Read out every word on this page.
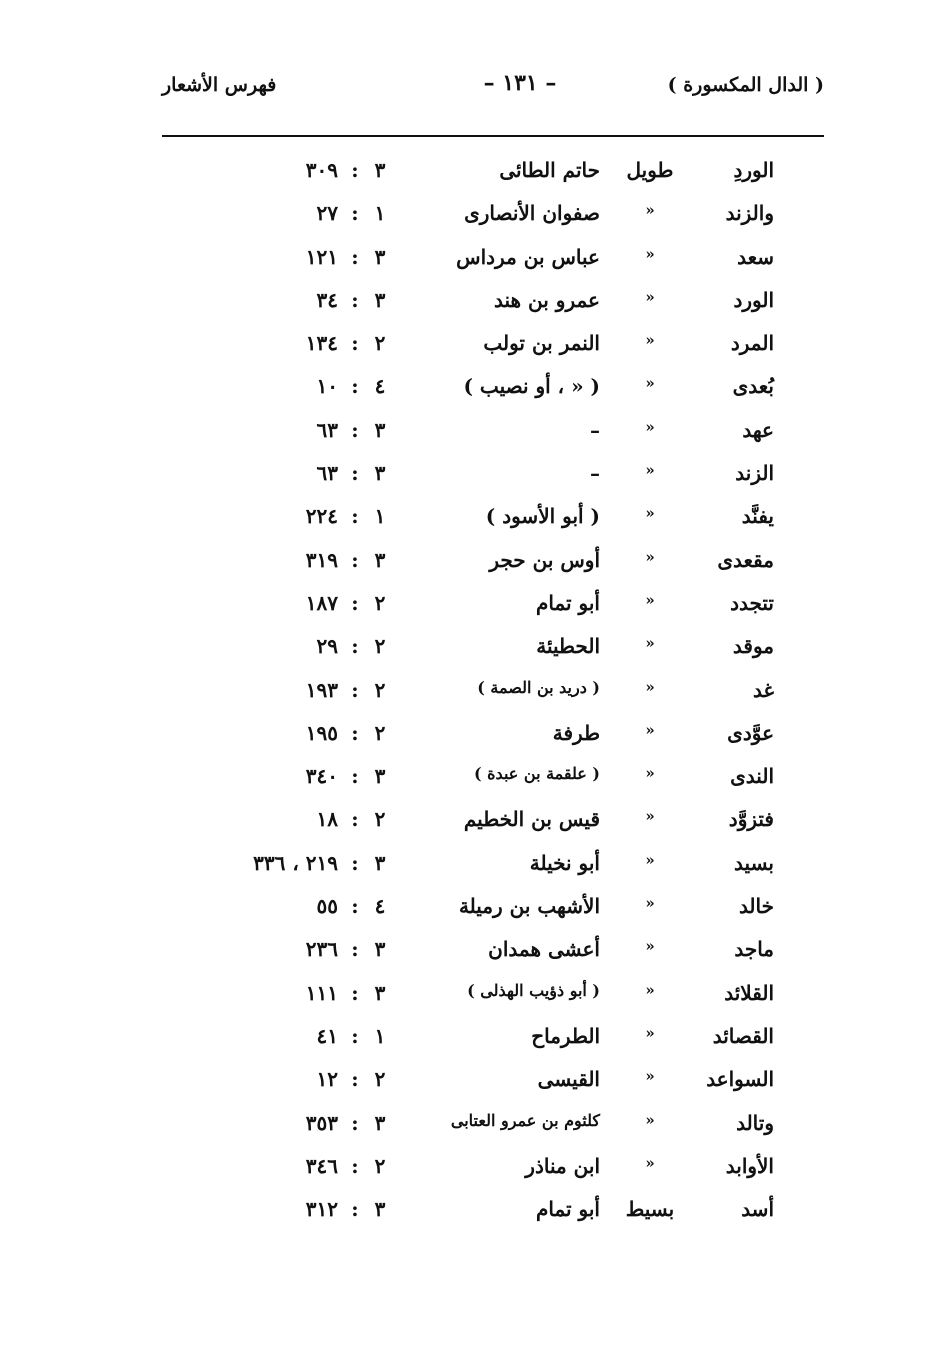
( الدال المكسورة )
– ١٣١ –
فهرس الأشعار
الوردِ
طويل
حاتم الطائى
٣
:
٣٠٩
والزند
«
صفوان الأنصارى
١
:
٢٧
سعد
«
عباس بن مرداس
٣
:
١٢١
الورد
«
عمرو بن هند
٣
:
٣٤
المرد
«
النمر بن تولب
٢
:
١٣٤
بُعدى
«
( « ، أو نصيب )
٤
:
١٠
عهد
«
–
٣
:
٦٣
الزند
«
–
٣
:
٦٣
يفنَّد
«
( أبو الأسود )
١
:
٢٢٤
مقعدى
«
أوس بن حجر
٣
:
٣١٩
تتجدد
«
أبو تمام
٢
:
١٨٧
موقد
«
الحطيئة
٢
:
٢٩
غد
«
( دريد بن الصمة )
٢
:
١٩٣
عوَّدى
«
طرفة
٢
:
١٩٥
الندى
«
( علقمة بن عبدة )
٣
:
٣٤٠
فتزوَّد
«
قيس بن الخطيم
٢
:
١٨
بسيد
«
أبو نخيلة
٣
:
٢١٩ ، ٣٣٦
خالد
«
الأشهب بن رميلة
٤
:
٥٥
ماجد
«
أعشى همدان
٣
:
٢٣٦
القلائد
«
( أبو ذؤيب الهذلى )
٣
:
١١١
القصائد
«
الطرماح
١
:
٤١
السواعد
«
القيسى
٢
:
١٢
وتالد
«
كلثوم بن عمرو العتابى
٣
:
٣٥٣
الأوابد
«
ابن مناذر
٢
:
٣٤٦
أسد
بسيط
أبو تمام
٣
:
٣١٢
